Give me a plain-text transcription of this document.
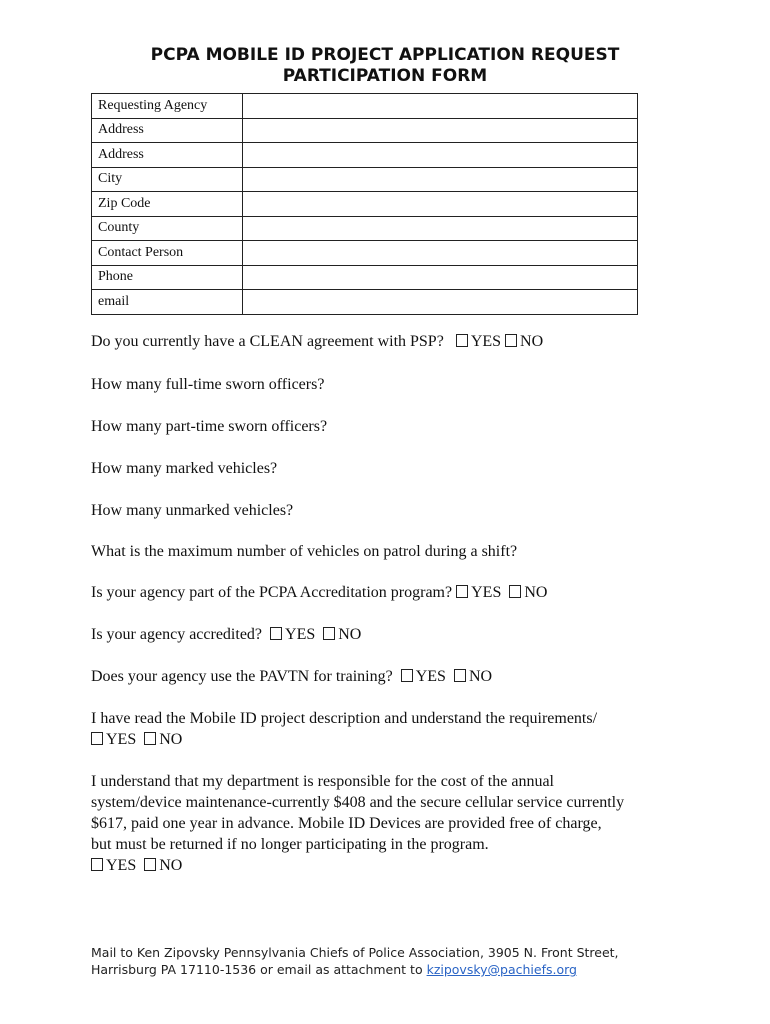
PCPA MOBILE ID PROJECT APPLICATION REQUEST
PARTICIPATION FORM
Requesting Agency	
Address	
Address	
City	
Zip Code	
County	
Contact Person	
Phone	
email	
Do you currently have a CLEAN agreement with PSP? YES NO
How many full-time sworn officers?
How many part-time sworn officers?
How many marked vehicles?
How many unmarked vehicles?
What is the maximum number of vehicles on patrol during a shift?
Is your agency part of the PCPA Accreditation program? YES NO
Is your agency accredited? YES NO
Does your agency use the PAVTN for training? YES NO
I have read the Mobile ID project description and understand the requirements/
YES NO
I understand that my department is responsible for the cost of the annual
system/device maintenance-currently $408 and the secure cellular service currently
$617, paid one year in advance. Mobile ID Devices are provided free of charge,
but must be returned if no longer participating in the program.
YES NO
Mail to Ken Zipovsky Pennsylvania Chiefs of Police Association, 3905 N. Front Street,
Harrisburg PA 17110-1536 or email as attachment to kzipovsky@pachiefs.org
